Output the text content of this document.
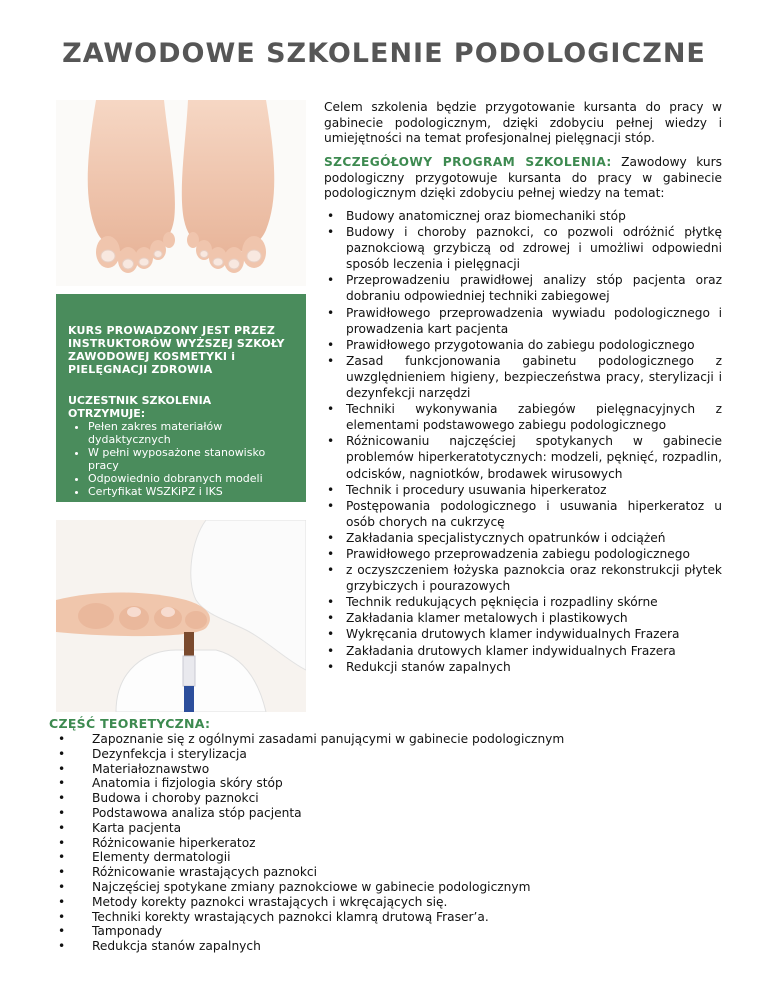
ZAWODOWE SZKOLENIE PODOLOGICZNE
KURS PROWADZONY JEST PRZEZ INSTRUKTORÓW WYŻSZEJ SZKOŁY ZAWODOWEJ KOSMETYKI i PIELĘGNACJI ZDROWIA
UCZESTNIK SZKOLENIA OTRZYMUJE:
• Pełen zakres materiałów dydaktycznych
• W pełni wyposażone stanowisko pracy
• Odpowiednio dobranych modeli
• Certyfikat WSZKiPZ i IKS
Celem szkolenia będzie przygotowanie kursanta do pracy w gabinecie podologicznym, dzięki zdobyciu pełnej wiedzy i umiejętności na temat profesjonalnej pielęgnacji stóp.
SZCZEGÓŁOWY PROGRAM SZKOLENIA: Zawodowy kurs podologiczny przygotowuje kursanta do pracy w gabinecie podologicznym dzięki zdobyciu pełnej wiedzy na temat:
• Budowy anatomicznej oraz biomechaniki stóp
• Budowy i choroby paznokci, co pozwoli odróżnić płytkę paznokciową grzybiczą od zdrowej i umożliwi odpowiedni sposób leczenia i pielęgnacji
• Przeprowadzeniu prawidłowej analizy stóp pacjenta oraz dobraniu odpowiedniej techniki zabiegowej
• Prawidłowego przeprowadzenia wywiadu podologicznego i prowadzenia kart pacjenta
• Prawidłowego przygotowania do zabiegu podologicznego
• Zasad funkcjonowania gabinetu podologicznego z uwzględnieniem higieny, bezpieczeństwa pracy, sterylizacji i dezynfekcji narzędzi
• Techniki wykonywania zabiegów pielęgnacyjnych z elementami podstawowego zabiegu podologicznego
• Różnicowaniu najczęściej spotykanych w gabinecie problemów hiperkeratotycznych: modzeli, pęknięć, rozpadlin, odcisków, nagniotków, brodawek wirusowych
• Technik i procedury usuwania hiperkeratoz
• Postępowania podologicznego i usuwania hiperkeratoz u osób chorych na cukrzycę
• Zakładania specjalistycznych opatrunków i odciążeń
• Prawidłowego przeprowadzenia zabiegu podologicznego
• z oczyszczeniem łożyska paznokcia oraz rekonstrukcji płytek grzybiczych i pourazowych
• Technik redukujących pęknięcia i rozpadliny skórne
• Zakładania klamer metalowych i plastikowych
• Wykręcania drutowych klamer indywidualnych Frazera
• Zakładania drutowych klamer indywidualnych Frazera
• Redukcji stanów zapalnych
CZĘŚĆ TEORETYCZNA:
• Zapoznanie się z ogólnymi zasadami panującymi w gabinecie podologicznym
• Dezynfekcja i sterylizacja
• Materiałoznawstwo
• Anatomia i fizjologia skóry stóp
• Budowa i choroby paznokci
• Podstawowa analiza stóp pacjenta
• Karta pacjenta
• Różnicowanie hiperkeratoz
• Elementy dermatologii
• Różnicowanie wrastających paznokci
• Najczęściej spotykane zmiany paznokciowe w gabinecie podologicznym
• Metody korekty paznokci wrastających i wkręcających się.
• Techniki korekty wrastających paznokci klamrą drutową Fraser’a.
• Tamponady
• Redukcja stanów zapalnych
